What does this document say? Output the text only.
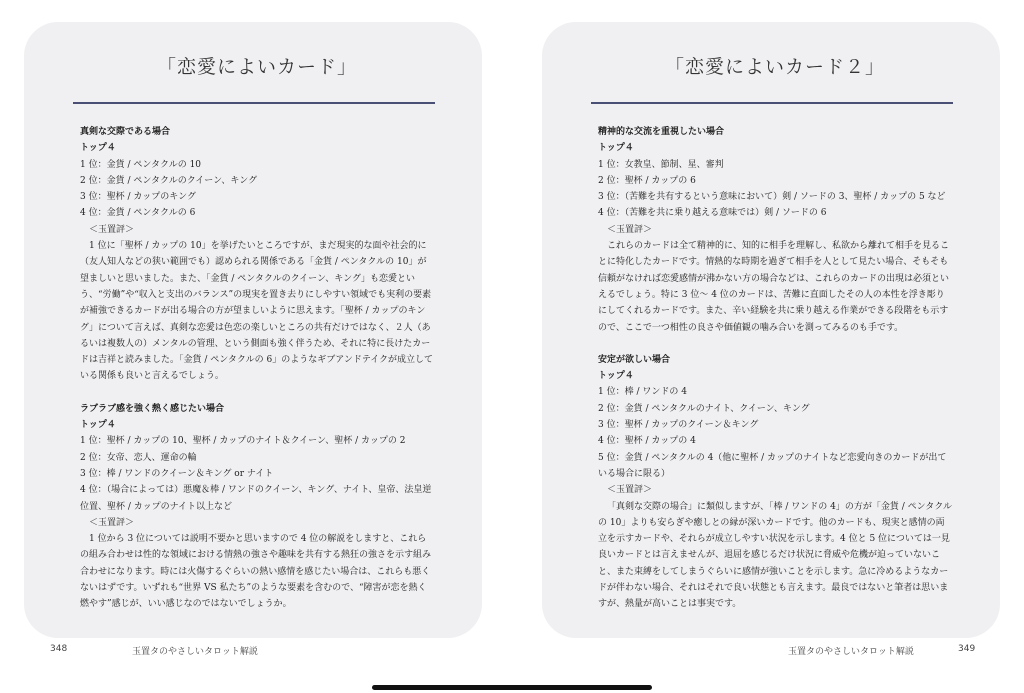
「恋愛によいカード」

真剣な交際である場合

トップ４

1 位：金貨 / ペンタクルの 10

2 位：金貨 / ペンタクルのクイーン、キング

3 位：聖杯 / カップのキング

4 位：金貨 / ペンタクルの 6

＜玉置評＞

1 位に「聖杯 / カップの 10」を挙げたいところですが、まだ現実的な面や社会的に（友人知人などの狭い範囲でも）認められる関係である「金貨 / ペンタクルの 10」が望ましいと思いました。また、「金貨 / ペンタクルのクイーン、キング」も恋愛という、“労働”や“収入と支出のバランス”の現実を置き去りにしやすい領域でも実利の要素が補強できるカードが出る場合の方が望ましいように思えます。「聖杯 / カップのキング」について言えば、真剣な恋愛は色恋の楽しいところの共有だけではなく、２人（あるいは複数人の）メンタルの管理、という側面も強く伴うため、それに特に長けたカードは吉祥と読みました。「金貨 / ペンタクルの 6」のようなギブアンドテイクが成立している関係も良いと言えるでしょう。

ラブラブ感を強く熱く感じたい場合

トップ４

1 位：聖杯 / カップの 10、聖杯 / カップのナイト＆クイーン、聖杯 / カップの 2

2 位：女帝、恋人、運命の輪

3 位：棒 / ワンドのクイーン＆キング or ナイト

4 位：（場合によっては）悪魔＆棒 / ワンドのクイーン、キング、ナイト、皇帝、法皇逆位置、聖杯 / カップのナイト以上など

＜玉置評＞

1 位から 3 位については説明不要かと思いますので 4 位の解説をしますと、これらの組み合わせは性的な領域における情熱の強さや趣味を共有する熱狂の強さを示す組み合わせになります。時には火傷するぐらいの熱い感情を感じたい場合は、これらも悪くないはずです。いずれも“世界 VS 私たち”のような要素を含むので、“障害が恋を熱く燃やす”感じが、いい感じなのではないでしょうか。

「恋愛によいカード２」

精神的な交流を重視したい場合

トップ４

1 位：女教皇、節制、星、審判

2 位：聖杯 / カップの 6

3 位：（苦難を共有するという意味において）剣 / ソードの 3、聖杯 / カップの 5 など

4 位：（苦難を共に乗り越える意味では）剣 / ソードの 6

＜玉置評＞

これらのカードは全て精神的に、知的に相手を理解し、私欲から離れて相手を見ることに特化したカードです。情熱的な時期を過ぎて相手を人として見たい場合、そもそも信頼がなければ恋愛感情が沸かない方の場合などは、これらのカードの出現は必須といえるでしょう。特に 3 位〜 4 位のカードは、苦難に直面したその人の本性を浮き彫りにしてくれるカードです。また、辛い経験を共に乗り越える作業ができる段階をも示すので、ここで一つ相性の良さや価値観の噛み合いを測ってみるのも手です。

安定が欲しい場合

トップ４

1 位：棒 / ワンドの 4

2 位：金貨 / ペンタクルのナイト、クイーン、キング

3 位：聖杯 / カップのクイーン＆キング

4 位：聖杯 / カップの 4

5 位：金貨 / ペンタクルの 4（他に聖杯 / カップのナイトなど恋愛向きのカードが出ている場合に限る）

＜玉置評＞

「真剣な交際の場合」に類似しますが、「棒 / ワンドの 4」の方が「金貨 / ペンタクルの 10」よりも安らぎや癒しとの縁が深いカードです。他のカードも、現実と感情の両立を示すカードや、それらが成立しやすい状況を示します。4 位と 5 位については一見良いカードとは言えませんが、退屈を感じるだけ状況に脅威や危機が迫っていないこと、また束縛をしてしまうぐらいに感情が強いことを示します。急に冷めるようなカードが伴わない場合、それはそれで良い状態とも言えます。最良ではないと筆者は思いますが、熱量が高いことは事実です。

348	玉置タのやさしいタロット解説	玉置タのやさしいタロット解説	349
